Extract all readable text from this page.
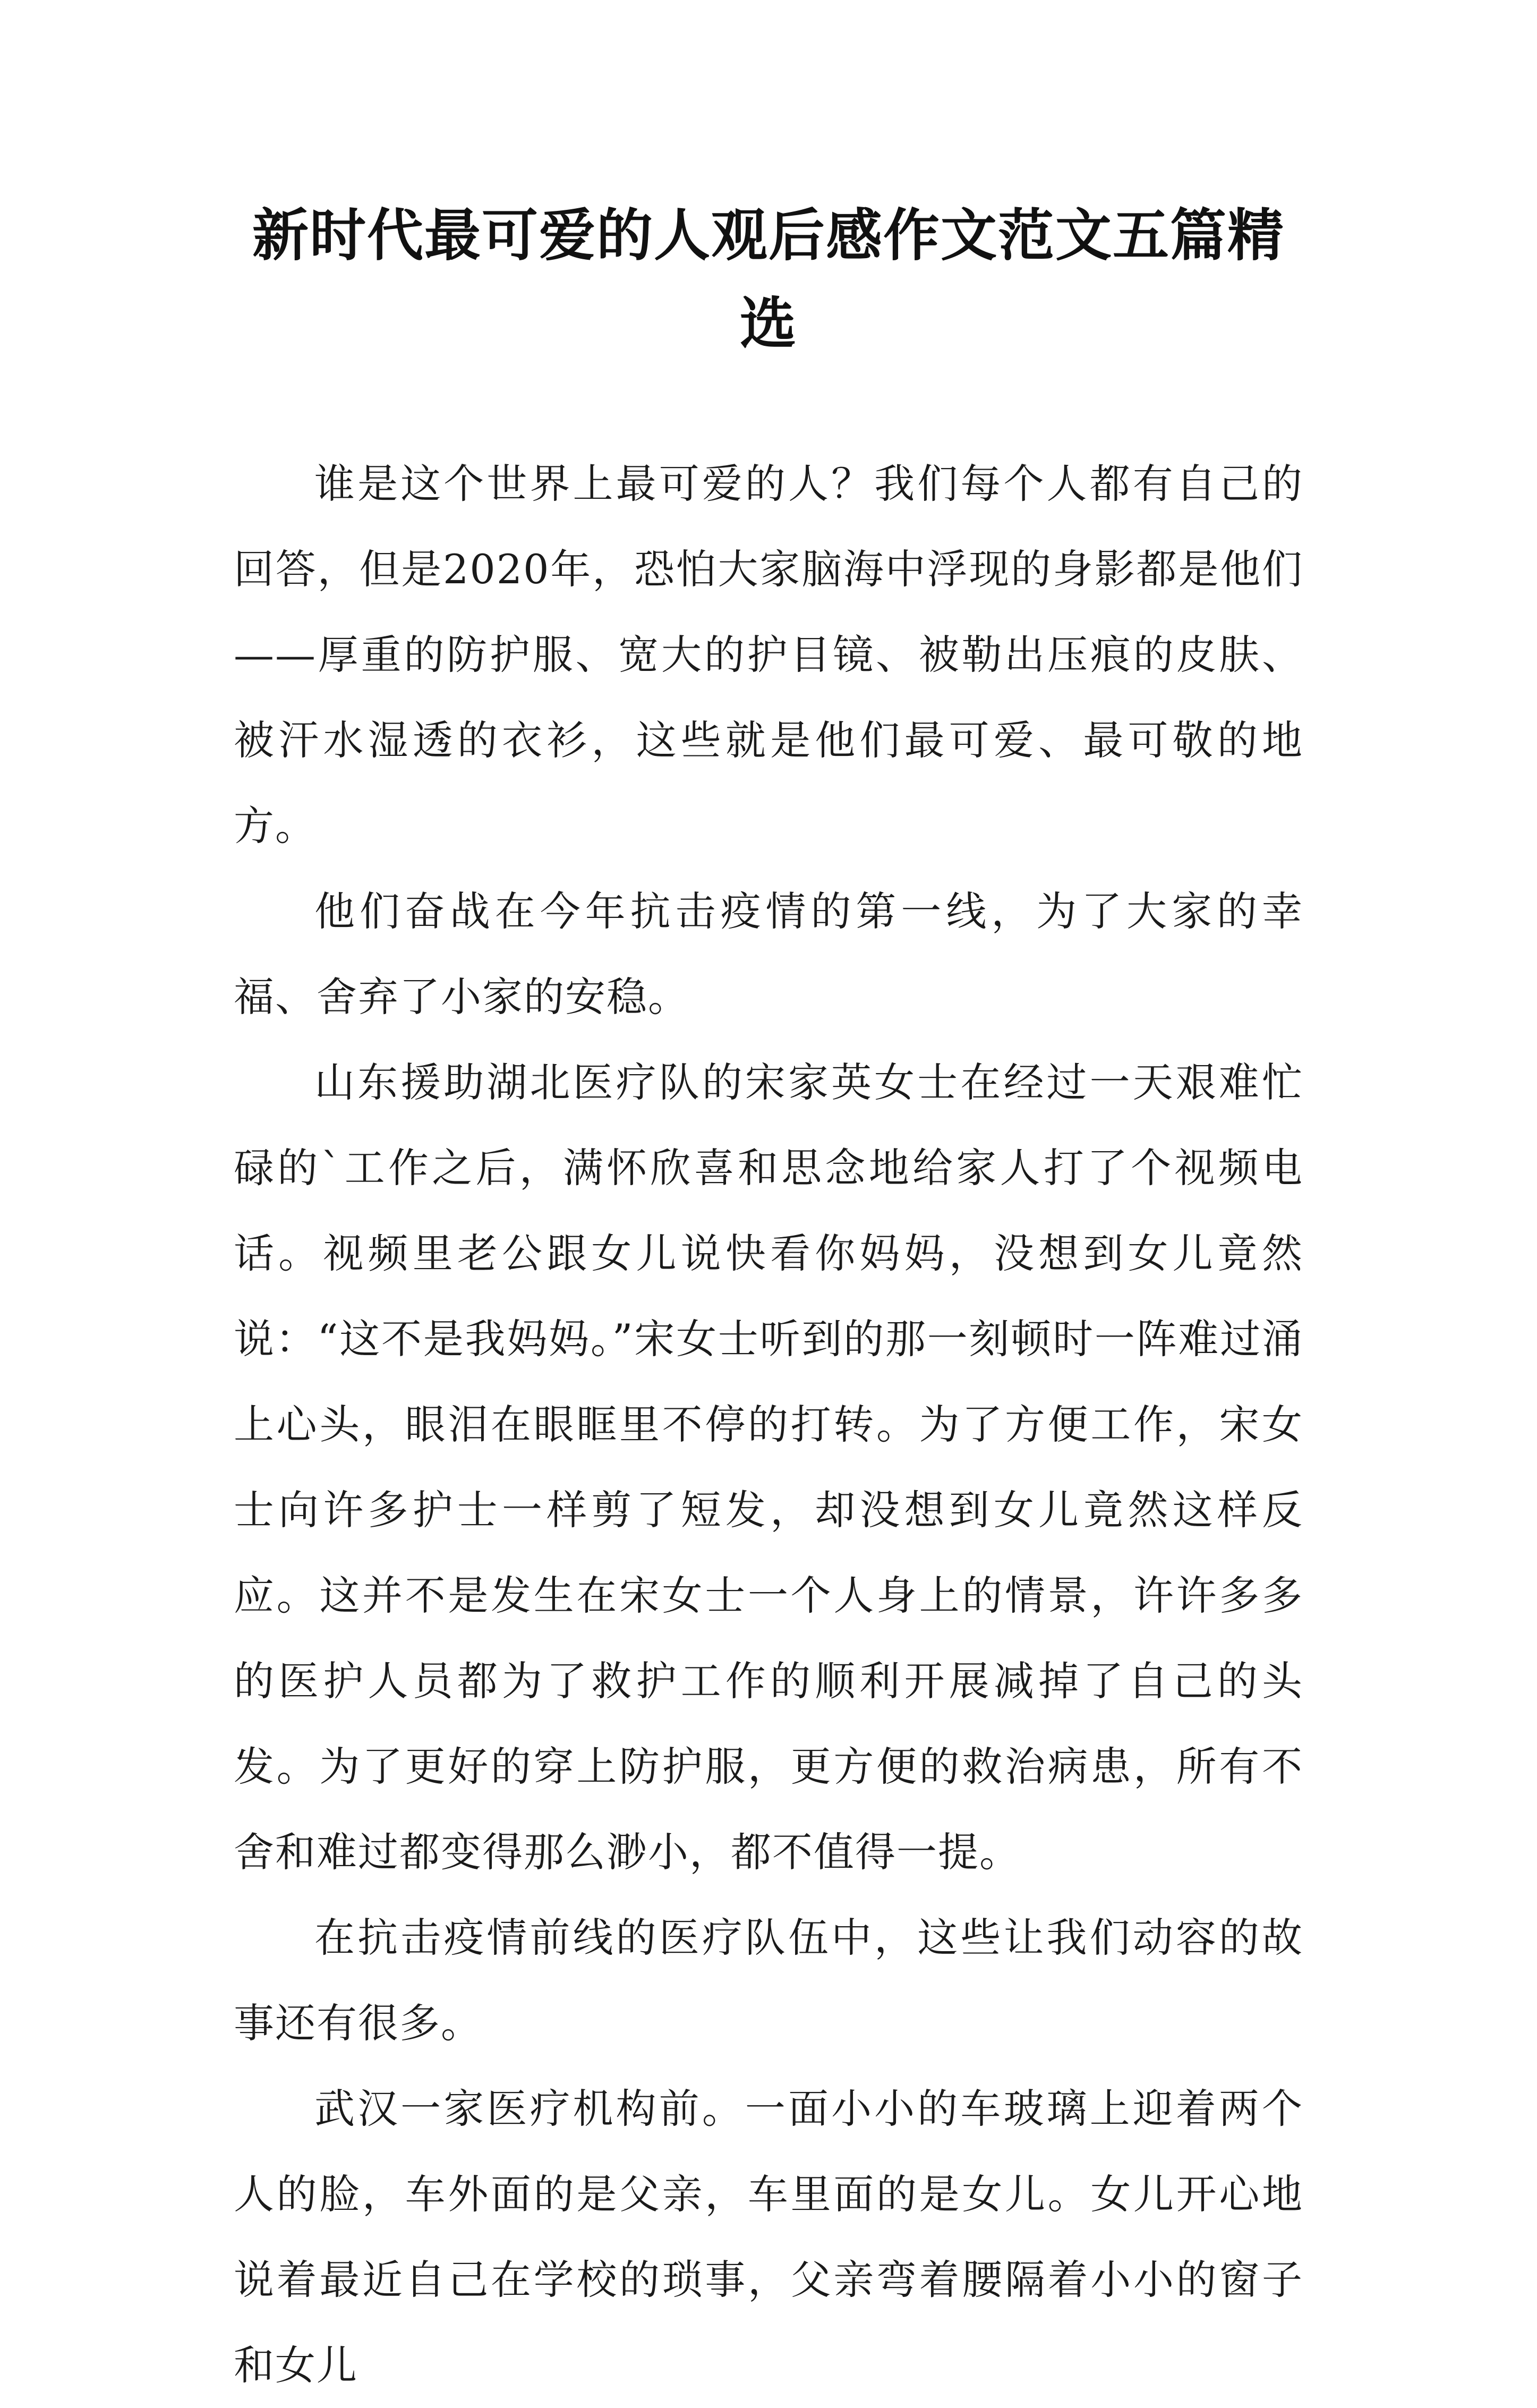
新时代最可爱的人观后感作文范文五篇精选

谁是这个世界上最可爱的人？我们每个人都有自己的回答，但是2020年，恐怕大家脑海中浮现的身影都是他们——厚重的防护服、宽大的护目镜、被勒出压痕的皮肤、被汗水湿透的衣衫，这些就是他们最可爱、最可敬的地方。

他们奋战在今年抗击疫情的第一线，为了大家的幸福、舍弃了小家的安稳。

山东援助湖北医疗队的宋家英女士在经过一天艰难忙碌的`工作之后，满怀欣喜和思念地给家人打了个视频电话。视频里老公跟女儿说快看你妈妈，没想到女儿竟然说：“这不是我妈妈。”宋女士听到的那一刻顿时一阵难过涌上心头，眼泪在眼眶里不停的打转。为了方便工作，宋女士向许多护士一样剪了短发，却没想到女儿竟然这样反应。这并不是发生在宋女士一个人身上的情景，许许多多的医护人员都为了救护工作的顺利开展减掉了自己的头发。为了更好的穿上防护服，更方便的救治病患，所有不舍和难过都变得那么渺小，都不值得一提。

在抗击疫情前线的医疗队伍中，这些让我们动容的故事还有很多。

武汉一家医疗机构前。一面小小的车玻璃上迎着两个人的脸，车外面的是父亲，车里面的是女儿。女儿开心地说着最近自己在学校的琐事，父亲弯着腰隔着小小的窗子和女儿
